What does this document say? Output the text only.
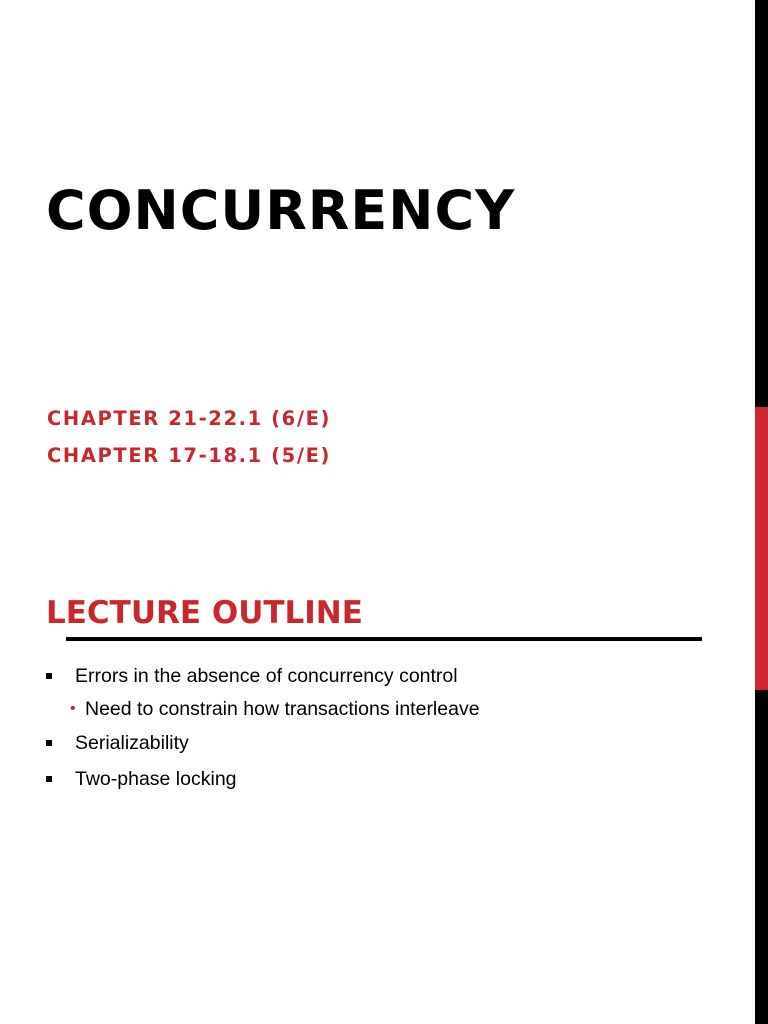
CONCURRENCY
CHAPTER 21-22.1 (6/E)
CHAPTER 17-18.1 (5/E)
LECTURE OUTLINE
Errors in the absence of concurrency control
• Need to constrain how transactions interleave
Serializability
Two-phase locking
